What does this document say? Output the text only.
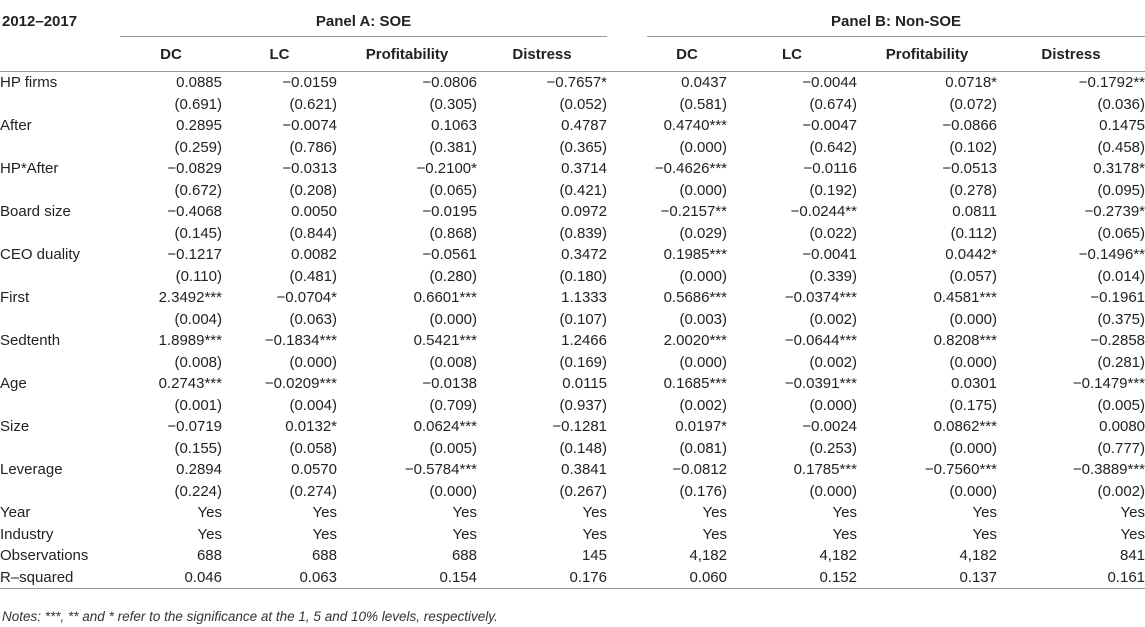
2012–2017	Panel A: SOE					Panel B: Non-SOE			
	DC	LC	Profitability	Distress		DC	LC	Profitability	Distress
HP firms	0.0885	−0.0159	−0.0806	−0.7657*		0.0437	−0.0044	0.0718*	−0.1792**
	(0.691)	(0.621)	(0.305)	(0.052)		(0.581)	(0.674)	(0.072)	(0.036)
After	0.2895	−0.0074	0.1063	0.4787		0.4740***	−0.0047	−0.0866	0.1475
	(0.259)	(0.786)	(0.381)	(0.365)		(0.000)	(0.642)	(0.102)	(0.458)
HP*After	−0.0829	−0.0313	−0.2100*	0.3714		−0.4626***	−0.0116	−0.0513	0.3178*
	(0.672)	(0.208)	(0.065)	(0.421)		(0.000)	(0.192)	(0.278)	(0.095)
Board size	−0.4068	0.0050	−0.0195	0.0972		−0.2157**	−0.0244**	0.0811	−0.2739*
	(0.145)	(0.844)	(0.868)	(0.839)		(0.029)	(0.022)	(0.112)	(0.065)
CEO duality	−0.1217	0.0082	−0.0561	0.3472		0.1985***	−0.0041	0.0442*	−0.1496**
	(0.110)	(0.481)	(0.280)	(0.180)		(0.000)	(0.339)	(0.057)	(0.014)
First	2.3492***	−0.0704*	0.6601***	1.1333		0.5686***	−0.0374***	0.4581***	−0.1961
	(0.004)	(0.063)	(0.000)	(0.107)		(0.003)	(0.002)	(0.000)	(0.375)
Sedtenth	1.8989***	−0.1834***	0.5421***	1.2466		2.0020***	−0.0644***	0.8208***	−0.2858
	(0.008)	(0.000)	(0.008)	(0.169)		(0.000)	(0.002)	(0.000)	(0.281)
Age	0.2743***	−0.0209***	−0.0138	0.0115		0.1685***	−0.0391***	0.0301	−0.1479***
	(0.001)	(0.004)	(0.709)	(0.937)		(0.002)	(0.000)	(0.175)	(0.005)
Size	−0.0719	0.0132*	0.0624***	−0.1281		0.0197*	−0.0024	0.0862***	0.0080
	(0.155)	(0.058)	(0.005)	(0.148)		(0.081)	(0.253)	(0.000)	(0.777)
Leverage	0.2894	0.0570	−0.5784***	0.3841		−0.0812	0.1785***	−0.7560***	−0.3889***
	(0.224)	(0.274)	(0.000)	(0.267)		(0.176)	(0.000)	(0.000)	(0.002)
Year	Yes	Yes	Yes	Yes		Yes	Yes	Yes	Yes
Industry	Yes	Yes	Yes	Yes		Yes	Yes	Yes	Yes
Observations	688	688	688	145		4,182	4,182	4,182	841
R–squared	0.046	0.063	0.154	0.176		0.060	0.152	0.137	0.161
Notes: ***, ** and * refer to the significance at the 1, 5 and 10% levels, respectively.
